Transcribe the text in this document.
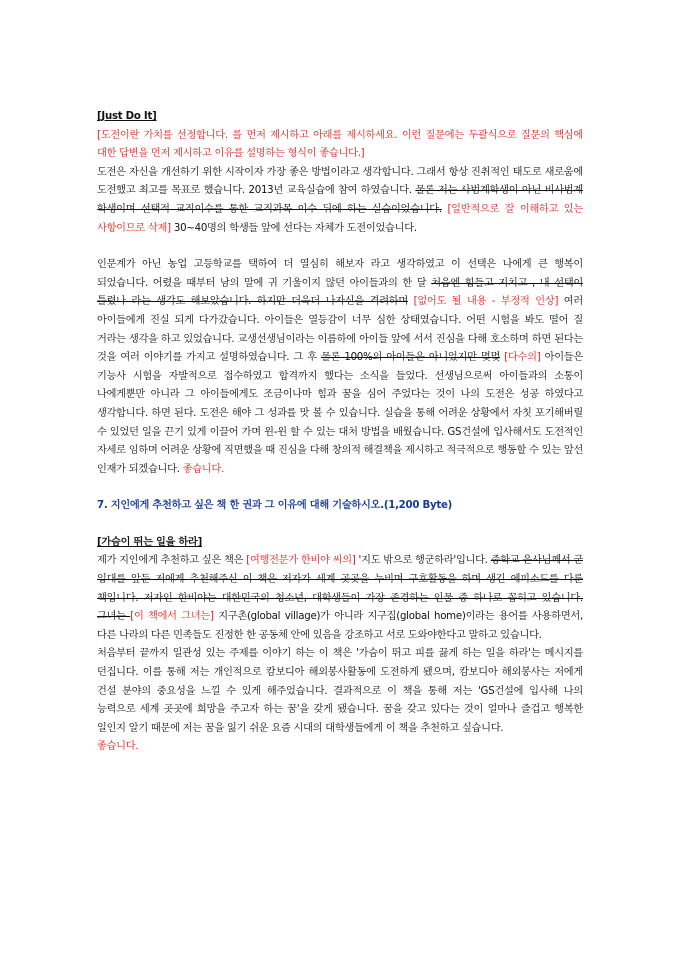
[Just Do It]

[도전이란 가치를 선정합니다. 를 먼저 제시하고 아래를 제시하세요. 이런 질문에는 두괄식으로 질문의 핵심에 대한 답변을 먼저 제시하고 이유를 설명하는 형식이 좋습니다.]

도전은 자신을 개선하기 위한 시작이자 가장 좋은 방법이라고 생각합니다. 그래서 항상 진취적인 태도로 새로움에 도전했고 최고를 목표로 했습니다. 2013년 교육실습에 참여 하였습니다. 물론 저는 사범계학생이 아닌 비사범계 학생이며 선택적 교직이수를 통한 교직과목 이수 뒤에 하는 실습이었습니다. [일반적으로 잘 이해하고 있는 사항이므로 삭제] 30~40명의 학생들 앞에 선다는 자체가 도전이었습니다.

인문계가 아닌 농업 고등학교를 택하여 더 열심히 해보자 라고 생각하였고 이 선택은 나에게 큰 행복이 되었습니다. 어렸을 때부터 남의 말에 귀 기울이지 않던 아이들과의 한 달 처음엔 힘들고 지치고 , 내 선택이 틀렸나 라는 생각도 해보았습니다. 하지만 더욱더 나자신을 격려하며 [없어도 될 내용 - 부정적 인상] 여러 아이들에게 진실 되게 다가갔습니다. 아이들은 열등감이 너무 심한 상태였습니다. 어떤 시험을 봐도 떨어 질 거라는 생각을 하고 있었습니다. 교생선생님이라는 이름하에 아이들 앞에 서서 진심을 다해 호소하며 하면 된다는 것을 여러 이야기를 가지고 설명하였습니다. 그 후 물론 100%의 아이들은 아니었지만 몇몇 [다수의] 아이들은 기능사 시험을 자발적으로 접수하였고 합격까지 했다는 소식을 들었다. 선생님으로써 아이들과의 소통이 나에게뿐만 아니라 그 아이들에게도 조금이나마 힘과 꿈을 심어 주었다는 것이 나의 도전은 성공 하였다고 생각합니다. 하면 된다. 도전은 해야 그 성과를 맛 볼 수 있습니다. 실습을 통해 어려운 상황에서 자칫 포기해버릴 수 있었던 일을 끈기 있게 이끌어 가며 윈-윈 할 수 있는 대처 방법을 배웠습니다. GS건설에 입사해서도 도전적인 자세로 임하며 어려운 상황에 직면했을 때 진심을 다해 창의적 해결책을 제시하고 적극적으로 행동할 수 있는 앞선 인재가 되겠습니다. 좋습니다.

7. 지인에게 추천하고 싶은 책 한 권과 그 이유에 대해 기술하시오.(1,200 Byte)

[가슴이 뛰는 일을 하라]

제가 지인에게 추천하고 싶은 책은 [여행전문가 한비야 씨의] '지도 밖으로 행군하라'입니다. 중학교 은사님께서 군 입대를 앞둔 저에게 추천해주신 이 책은 저자가 세계 곳곳을 누비며 구호활동을 하며 생긴 에피소드를 다룬 책입니다. 저자인 한비야는 대한민국의 청소년, 대학생들이 가장 존경하는 인물 중 하나로 꼽히고 있습니다. 그녀는 [이 책에서 그녀는] 지구촌(global village)가 아니라 지구집(global home)이라는 용어를 사용하면서, 다른 나라의 다른 민족들도 진정한 한 공동체 안에 있음을 강조하고 서로 도와야한다고 말하고 있습니다.

처음부터 끝까지 일관성 있는 주제를 이야기 하는 이 책은 '가슴이 뛰고 피를 끓게 하는 일을 하라'는 메시지를 던집니다. 이를 통해 저는 개인적으로 캄보디아 해외봉사활동에 도전하게 됐으며, 캄보디아 해외봉사는 저에게 건설 분야의 중요성을 느낄 수 있게 해주었습니다. 결과적으로 이 책을 통해 저는 'GS건설에 입사해 나의 능력으로 세계 곳곳에 희망을 주고자 하는 꿈'을 갖게 됐습니다. 꿈을 갖고 있다는 것이 얼마나 즐겁고 행복한 일인지 알기 때문에 저는 꿈을 잃기 쉬운 요즘 시대의 대학생들에게 이 책을 추천하고 싶습니다.

좋습니다.
